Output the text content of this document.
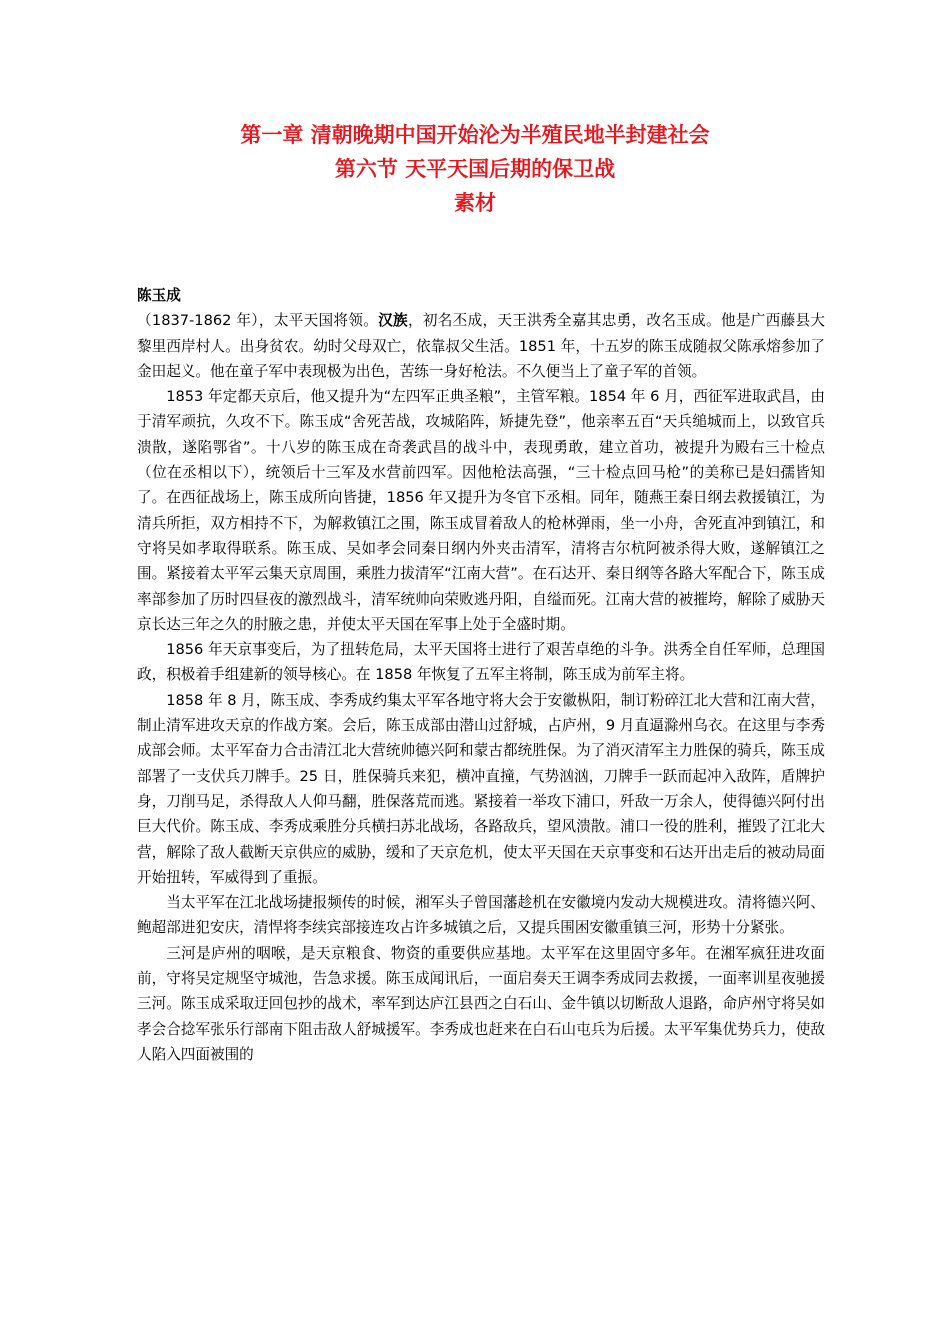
第一章 清朝晚期中国开始沦为半殖民地半封建社会

第六节 天平天国后期的保卫战

素材

陈玉成

（1837-1862 年），太平天国将领。汉族，初名丕成，天王洪秀全嘉其忠勇，改名玉成。他是广西藤县大黎里西岸村人。出身贫农。幼时父母双亡，依靠叔父生活。1851 年，十五岁的陈玉成随叔父陈承熔参加了金田起义。他在童子军中表现极为出色，苦练一身好枪法。不久便当上了童子军的首领。

1853 年定都天京后，他又提升为“左四军正典圣粮”，主管军粮。1854 年 6 月，西征军进取武昌，由于清军顽抗，久攻不下。陈玉成“舍死苦战，攻城陷阵，矫捷先登”，他亲率五百“天兵缒城而上，以致官兵溃散，遂陷鄂省”。十八岁的陈玉成在奇袭武昌的战斗中，表现勇敢，建立首功，被提升为殿右三十检点（位在丞相以下），统领后十三军及水营前四军。因他枪法高强，“三十检点回马枪”的美称已是妇孺皆知了。在西征战场上，陈玉成所向皆捷，1856 年又提升为冬官下丞相。同年，随燕王秦日纲去救援镇江，为清兵所拒，双方相持不下，为解救镇江之围，陈玉成冒着敌人的枪林弹雨，坐一小舟，舍死直冲到镇江，和守将吴如孝取得联系。陈玉成、吴如孝会同秦日纲内外夹击清军，清将吉尔杭阿被杀得大败，遂解镇江之围。紧接着太平军云集天京周围，乘胜力拔清军“江南大营”。在石达开、秦日纲等各路大军配合下，陈玉成率部参加了历时四昼夜的激烈战斗，清军统帅向荣败逃丹阳，自缢而死。江南大营的被摧垮，解除了威胁天京长达三年之久的肘腋之患，并使太平天国在军事上处于全盛时期。

1856 年天京事变后，为了扭转危局，太平天国将士进行了艰苦卓绝的斗争。洪秀全自任军师，总理国政，积极着手组建新的领导核心。在 1858 年恢复了五军主将制，陈玉成为前军主将。

1858 年 8 月，陈玉成、李秀成约集太平军各地守将大会于安徽枞阳，制订粉碎江北大营和江南大营，制止清军进攻天京的作战方案。会后，陈玉成部由潜山过舒城，占庐州，9 月直逼滁州乌衣。在这里与李秀成部会师。太平军奋力合击清江北大营统帅德兴阿和蒙古都统胜保。为了消灭清军主力胜保的骑兵，陈玉成部署了一支伏兵刀牌手。25 日，胜保骑兵来犯，横冲直撞，气势汹汹，刀牌手一跃而起冲入敌阵，盾牌护身，刀削马足，杀得敌人人仰马翻，胜保落荒而逃。紧接着一举攻下浦口，歼敌一万余人，使得德兴阿付出巨大代价。陈玉成、李秀成乘胜分兵横扫苏北战场，各路敌兵，望风溃散。浦口一役的胜利，摧毁了江北大营，解除了敌人截断天京供应的威胁，缓和了天京危机，使太平天国在天京事变和石达开出走后的被动局面开始扭转，军威得到了重振。

当太平军在江北战场捷报频传的时候，湘军头子曾国藩趁机在安徽境内发动大规模进攻。清将德兴阿、鲍超部进犯安庆，清悍将李续宾部接连攻占许多城镇之后，又提兵围困安徽重镇三河，形势十分紧张。

三河是庐州的咽喉，是天京粮食、物资的重要供应基地。太平军在这里固守多年。在湘军疯狂进攻面前，守将吴定规坚守城池，告急求援。陈玉成闻讯后，一面启奏天王调李秀成同去救援，一面率训星夜驰援三河。陈玉成采取迂回包抄的战术，率军到达庐江县西之白石山、金牛镇以切断敌人退路，命庐州守将吴如孝会合捻军张乐行部南下阻击敌人舒城援军。李秀成也赶来在白石山屯兵为后援。太平军集优势兵力，使敌人陷入四面被围的
